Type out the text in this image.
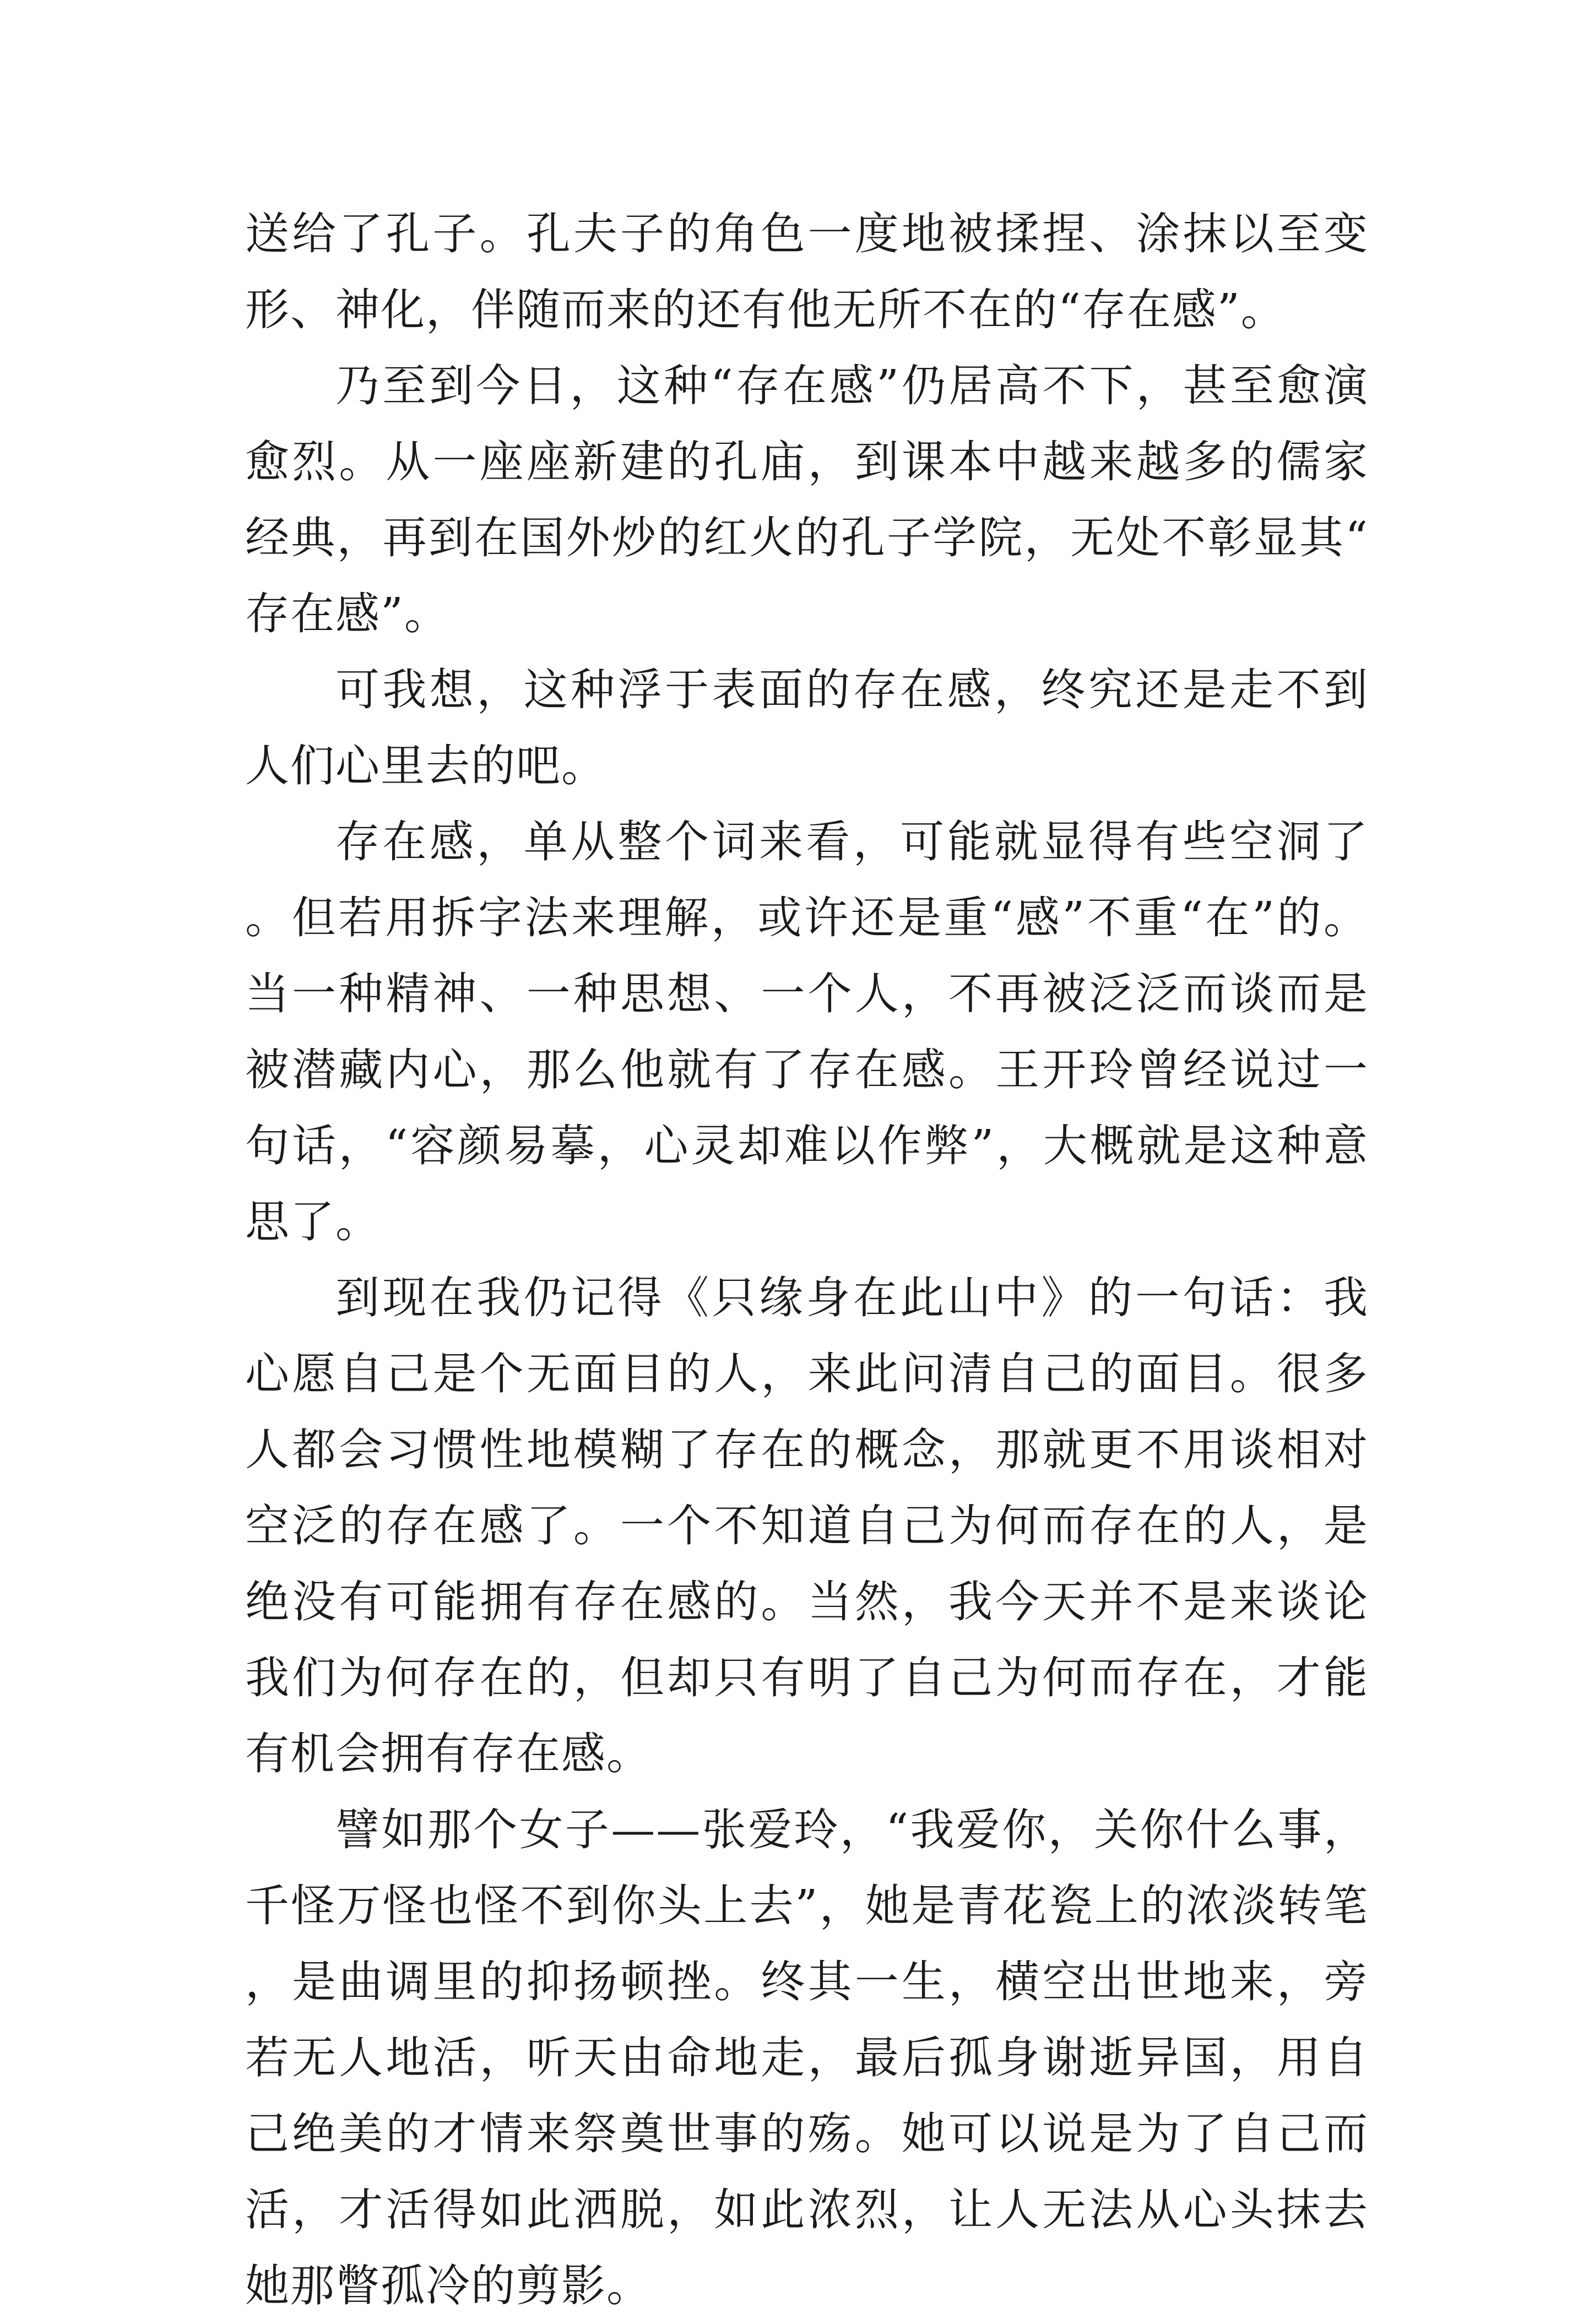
送给了孔子。孔夫子的角色一度地被揉捏、涂抹以至变形、神化，伴随而来的还有他无所不在的“存在感”。

乃至到今日，这种“存在感”仍居高不下，甚至愈演愈烈。从一座座新建的孔庙，到课本中越来越多的儒家经典，再到在国外炒的红火的孔子学院，无处不彰显其“存在感”。

可我想，这种浮于表面的存在感，终究还是走不到人们心里去的吧。

存在感，单从整个词来看，可能就显得有些空洞了。但若用拆字法来理解，或许还是重“感”不重“在”的。当一种精神、一种思想、一个人，不再被泛泛而谈而是被潜藏内心，那么他就有了存在感。王开玲曾经说过一句话，“容颜易摹，心灵却难以作弊”，大概就是这种意思了。

到现在我仍记得《只缘身在此山中》的一句话：我心愿自己是个无面目的人，来此问清自己的面目。很多人都会习惯性地模糊了存在的概念，那就更不用谈相对空泛的存在感了。一个不知道自己为何而存在的人，是绝没有可能拥有存在感的。当然，我今天并不是来谈论我们为何存在的，但却只有明了自己为何而存在，才能有机会拥有存在感。

譬如那个女子——张爱玲，“我爱你，关你什么事，千怪万怪也怪不到你头上去”，她是青花瓷上的浓淡转笔，是曲调里的抑扬顿挫。终其一生，横空出世地来，旁若无人地活，听天由命地走，最后孤身谢逝异国，用自己绝美的才情来祭奠世事的殇。她可以说是为了自己而活，才活得如此洒脱，如此浓烈，让人无法从心头抹去她那瞥孤冷的剪影。
